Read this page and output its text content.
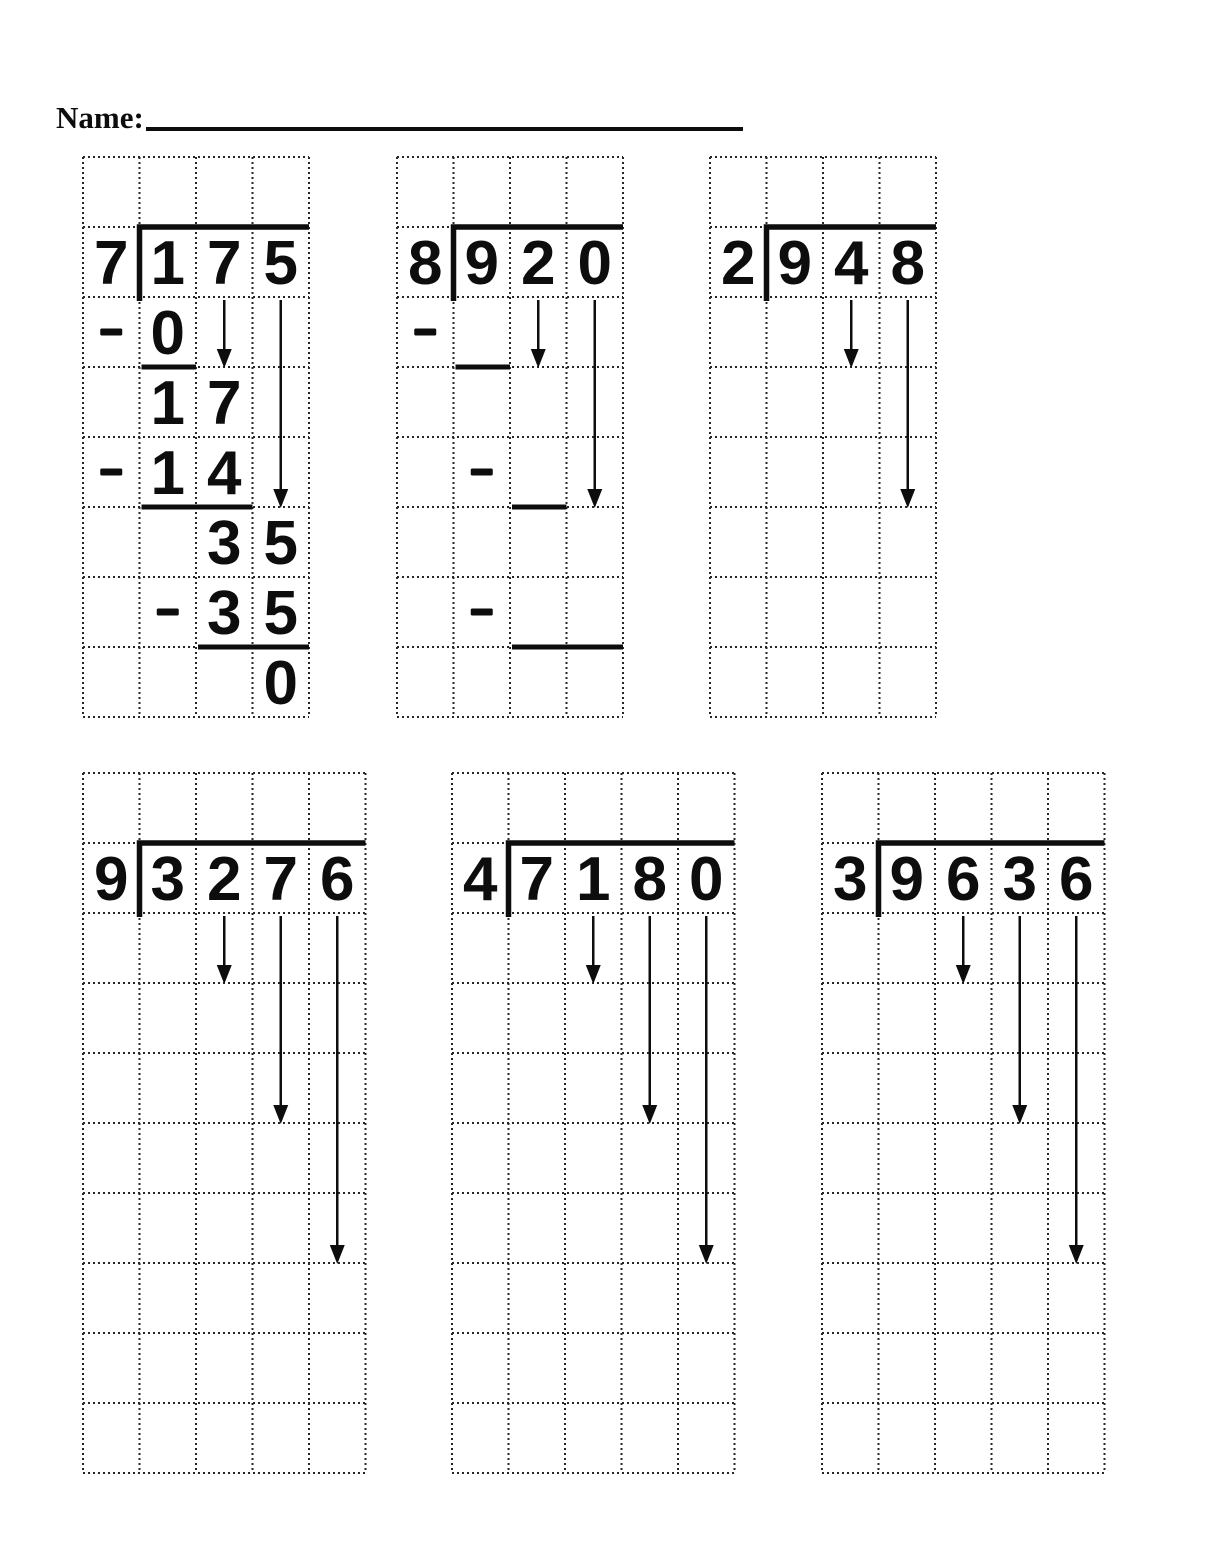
Name:
7 1 7 5
0
1 7
1 4
3 5
3 5
0
8 9 2 0 2 9 4 8
9 3 2 7 6 4 7 1 8 0 3 9 6 3 6
